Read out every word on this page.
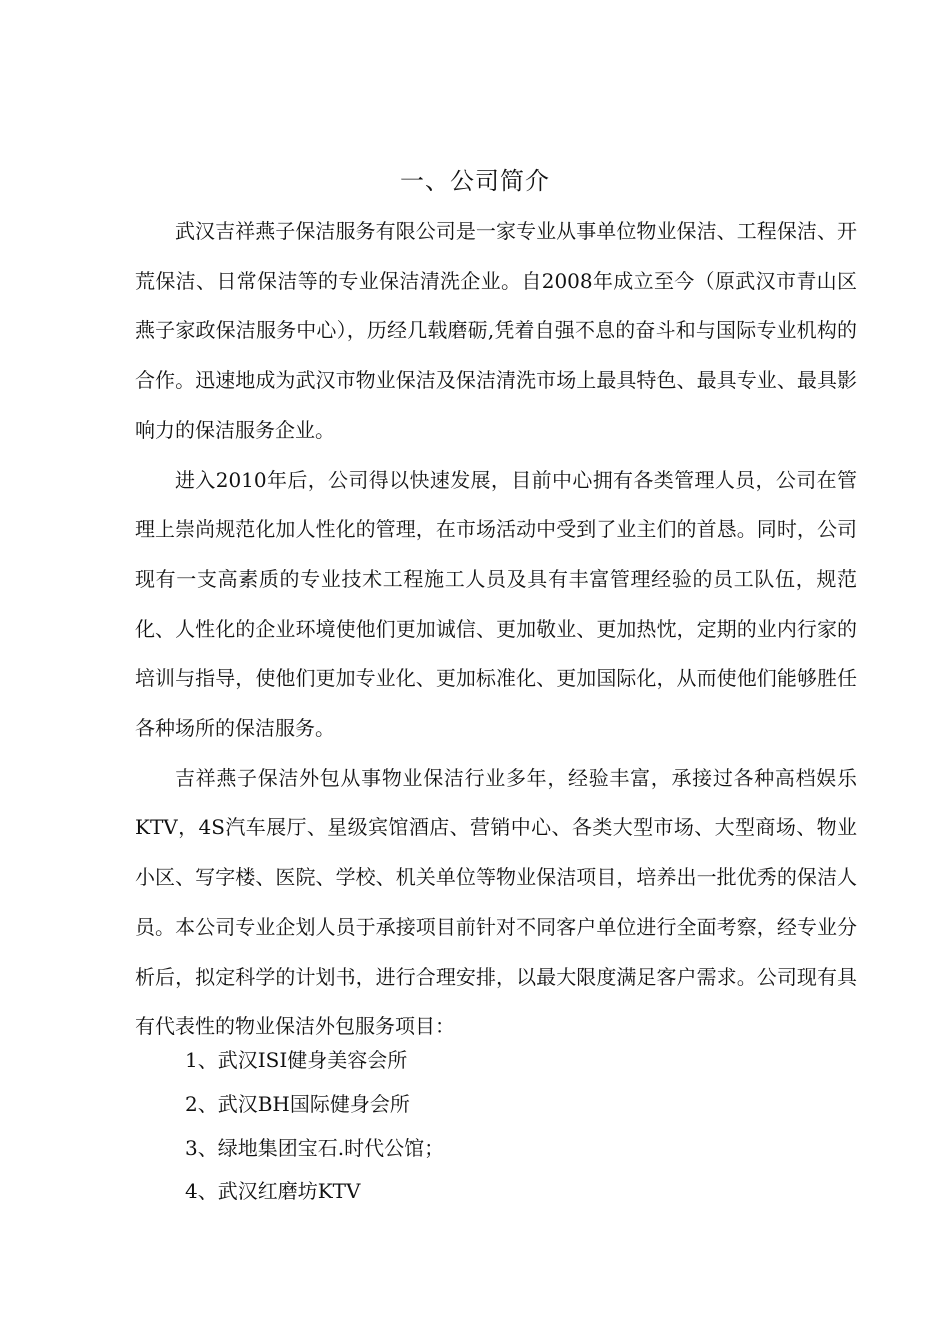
一、公司简介

武汉吉祥燕子保洁服务有限公司是一家专业从事单位物业保洁、工程保洁、开荒保洁、日常保洁等的专业保洁清洗企业。自2008年成立至今（原武汉市青山区燕子家政保洁服务中心），历经几载磨砺,凭着自强不息的奋斗和与国际专业机构的合作。迅速地成为武汉市物业保洁及保洁清洗市场上最具特色、最具专业、最具影响力的保洁服务企业。

进入2010年后，公司得以快速发展，目前中心拥有各类管理人员，公司在管理上崇尚规范化加人性化的管理，在市场活动中受到了业主们的首恳。同时，公司现有一支高素质的专业技术工程施工人员及具有丰富管理经验的员工队伍，规范化、人性化的企业环境使他们更加诚信、更加敬业、更加热忱，定期的业内行家的培训与指导，使他们更加专业化、更加标准化、更加国际化，从而使他们能够胜任各种场所的保洁服务。

吉祥燕子保洁外包从事物业保洁行业多年，经验丰富，承接过各种高档娱乐KTV，4S汽车展厅、星级宾馆酒店、营销中心、各类大型市场、大型商场、物业小区、写字楼、医院、学校、机关单位等物业保洁项目，培养出一批优秀的保洁人员。本公司专业企划人员于承接项目前针对不同客户单位进行全面考察，经专业分析后，拟定科学的计划书，进行合理安排，以最大限度满足客户需求。公司现有具有代表性的物业保洁外包服务项目：

1、武汉ISI健身美容会所

2、武汉BH国际健身会所

3、绿地集团宝石.时代公馆；

4、武汉红磨坊KTV
